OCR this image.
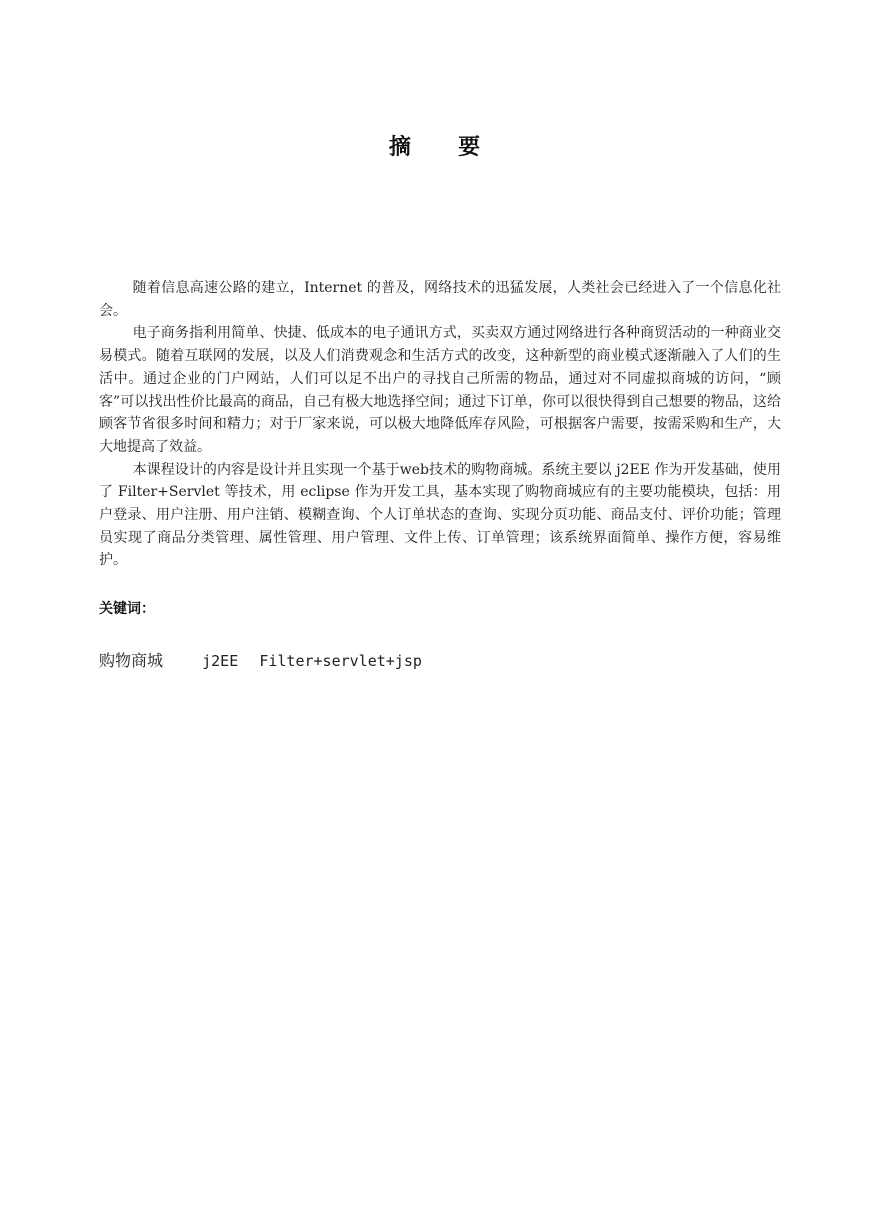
摘 要

随着信息高速公路的建立，Internet 的普及，网络技术的迅猛发展，人类社会已经进入了一个信息化社会。

电子商务指利用简单、快捷、低成本的电子通讯方式，买卖双方通过网络进行各种商贸活动的一种商业交易模式。随着互联网的发展，以及人们消费观念和生活方式的改变，这种新型的商业模式逐渐融入了人们的生活中。通过企业的门户网站，人们可以足不出户的寻找自己所需的物品，通过对不同虚拟商城的访问，“顾客”可以找出性价比最高的商品，自己有极大地选择空间；通过下订单，你可以很快得到自己想要的物品，这给顾客节省很多时间和精力；对于厂家来说，可以极大地降低库存风险，可根据客户需要，按需采购和生产，大大地提高了效益。

本课程设计的内容是设计并且实现一个基于web技术的购物商城。系统主要以 j2EE 作为开发基础，使用了 Filter+Servlet 等技术，用 eclipse 作为开发工具，基本实现了购物商城应有的主要功能模块，包括：用户登录、用户注册、用户注销、模糊查询、个人订单状态的查询、实现分页功能、商品支付、评价功能；管理员实现了商品分类管理、属性管理、用户管理、文件上传、订单管理；该系统界面简单、操作方便，容易维护。

关键词：
购物商城	j2EE Filter+servlet+jsp
